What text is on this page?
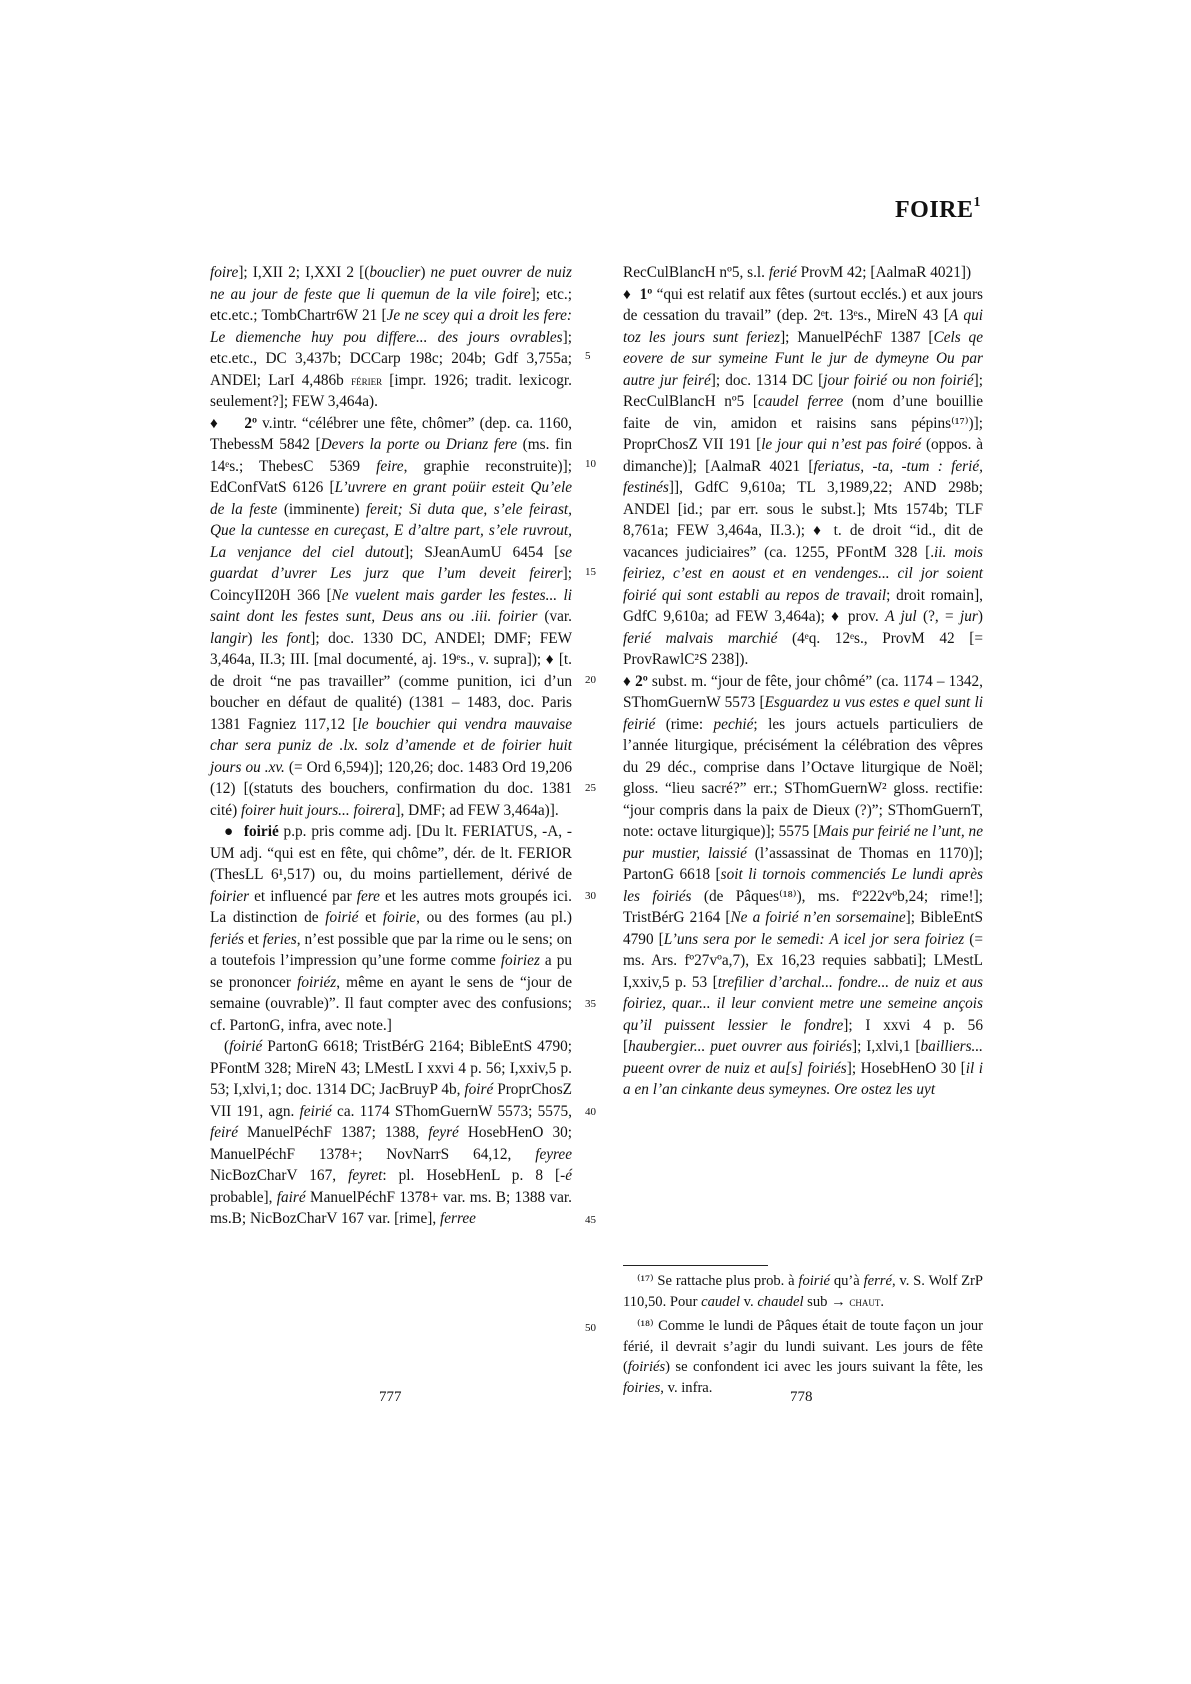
FOIRE$^1$

foire]; I,XII 2; I,XXI 2 [(bouclier) ne puet ouvrer de nuiz ne au jour de feste que li quemun de la vile foire]; etc.; etc.etc.; TombChartr6W 21 [Je ne scey qui a droit les fere: Le diemenche huy pou differe... des jours ovrables]; etc.etc., DC 3,437b; DCCarp 198c; 204b; Gdf 3,755a; ANDEl; LarI 4,486b férier [impr. 1926; tradit. lexicogr. seulement?]; FEW 3,464a).

♦     2º v.intr. “célébrer une fête, chômer” (dep. ca. 1160, ThebessM 5842 [Devers la porte ou Drianz fere (ms. fin 14ᵉs.; ThebesC 5369 feire, graphie reconstruite)]; EdConfVatS 6126 [L’uvrere en grant poüir esteit Qu’ele de la feste (imminente) fereit; Si duta que, s’ele feirast, Que la cuntesse en cureçast, E d’altre part, s’ele ruvrout, La venjance del ciel dutout]; SJeanAumU 6454 [se guardat d’uvrer Les jurz que l’um deveit feirer]; CoincyII20H 366 [Ne vuelent mais garder les festes... li saint dont les festes sunt, Deus ans ou .iii. foirier (var. langir) les font]; doc. 1330 DC, ANDEl; DMF; FEW 3,464a, II.3; III. [mal documenté, aj. 19ᵉs., v. supra]); ♦ [t. de droit “ne pas travailler” (comme punition, ici d’un boucher en défaut de qualité) (1381 – 1483, doc. Paris 1381 Fagniez 117,12 [le bouchier qui vendra mauvaise char sera puniz de .lx. solz d’amende et de foirier huit jours ou .xv. (= Ord 6,594)]; 120,26; doc. 1483 Ord 19,206 (12) [(statuts des bouchers, confirmation du doc. 1381 cité) foirer huit jours... foirera], DMF; ad FEW 3,464a)].

●  foirié p.p. pris comme adj. [Du lt. FERIATUS, -A, -UM adj. “qui est en fête, qui chôme”, dér. de lt. FERIOR (ThesLL 6¹,517) ou, du moins partiellement, dérivé de foirier et influencé par fere et les autres mots groupés ici. La distinction de foirié et foirie, ou des formes (au pl.) feriés et feries, n’est possible que par la rime ou le sens; on a toutefois l’impression qu’une forme comme foiriez a pu se prononcer foiriéz, même en ayant le sens de “jour de semaine (ouvrable)”. Il faut compter avec des confusions; cf. PartonG, infra, avec note.]

(foirié PartonG 6618; TristBérG 2164; BibleEntS 4790; PFontM 328; MireN 43; LMestL I xxvi 4 p. 56; I,xxiv,5 p. 53; I,xlvi,1; doc. 1314 DC; JacBruyP 4b, foiré ProprChosZ VII 191, agn. feirié ca. 1174 SThomGuernW 5573; 5575, feiré ManuelPéchF 1387; 1388, feyré HosebHenO 30; ManuelPéchF 1378+; NovNarrS 64,12, feyree NicBozCharV 167, feyret: pl. HosebHenL p. 8 [-é probable], fairé ManuelPéchF 1378+ var. ms. B; 1388 var. ms.B; NicBozCharV 167 var. [rime], ferree

5
10
15
20
25
30
35
40
45
50

RecCulBlancH nº5, s.l. ferié ProvM 42; [AalmaR 4021])

♦  1º “qui est relatif aux fêtes (surtout ecclés.) et aux jours de cessation du travail” (dep. 2ᵉt. 13ᵉs., MireN 43 [A qui toz les jours sunt feriez]; ManuelPéchF 1387 [Cels qe eovere de sur symeine Funt le jur de dymeyne Ou par autre jur feiré]; doc. 1314 DC [jour foirié ou non foirié]; RecCulBlancH nº5 [caudel ferree (nom d’une bouillie faite de vin, amidon et raisins sans pépins⁽¹⁷⁾)]; ProprChosZ VII 191 [le jour qui n’est pas foiré (oppos. à dimanche)]; [AalmaR 4021 [feriatus, -ta, -tum : ferié, festinés]], GdfC 9,610a; TL 3,1989,22; AND 298b; ANDEl [id.; par err. sous le subst.]; Mts 1574b; TLF 8,761a; FEW 3,464a, II.3.); ♦ t. de droit “id., dit de vacances judiciaires” (ca. 1255, PFontM 328 [.ii. mois feiriez, c’est en aoust et en vendenges... cil jor soient foirié qui sont establi au repos de travail; droit romain], GdfC 9,610a; ad FEW 3,464a); ♦ prov. A jul (?, = jur) ferié malvais marchié (4ᵉq. 12ᵉs., ProvM 42 [= ProvRawlC²S 238]).

♦ 2º subst. m. “jour de fête, jour chômé” (ca. 1174 – 1342, SThomGuernW 5573 [Esguardez u vus estes e quel sunt li feirié (rime: pechié; les jours actuels particuliers de l’année liturgique, précisément la célébration des vêpres du 29 déc., comprise dans l’Octave liturgique de Noël; gloss. “lieu sacré?” err.; SThomGuernW² gloss. rectifie: “jour compris dans la paix de Dieux (?)”; SThomGuernT, note: octave liturgique)]; 5575 [Mais pur feirié ne l’unt, ne pur mustier, laissié (l’assassinat de Thomas en 1170)]; PartonG 6618 [soit li tornois commenciés Le lundi après les foiriés (de Pâques⁽¹⁸⁾), ms. fº222vºb,24; rime!]; TristBérG 2164 [Ne a foirié n’en sorsemaine]; BibleEntS 4790 [L’uns sera por le semedi: A icel jor sera foiriez (= ms. Ars. fº27vºa,7), Ex 16,23 requies sabbati]; LMestL I,xxiv,5 p. 53 [trefilier d’archal... fondre... de nuiz et aus foiriez, quar... il leur convient metre une semeine ançois qu’il puissent lessier le fondre]; I xxvi 4 p. 56 [haubergier... puet ouvrer aus foiriés]; I,xlvi,1 [bailliers... pueent ovrer de nuiz et au[s] foiriés]; HosebHenO 30 [il i a en l’an cinkante deus symeynes. Ore ostez les uyt

⁽¹⁷⁾ Se rattache plus prob. à foirié qu’à ferré, v. S. Wolf ZrP 110,50. Pour caudel v. chaudel sub → chaut.

⁽¹⁸⁾ Comme le lundi de Pâques était de toute façon un jour férié, il devrait s’agir du lundi suivant. Les jours de fête (foiriés) se confondent ici avec les jours suivant la fête, les foiries, v. infra.

777	778
